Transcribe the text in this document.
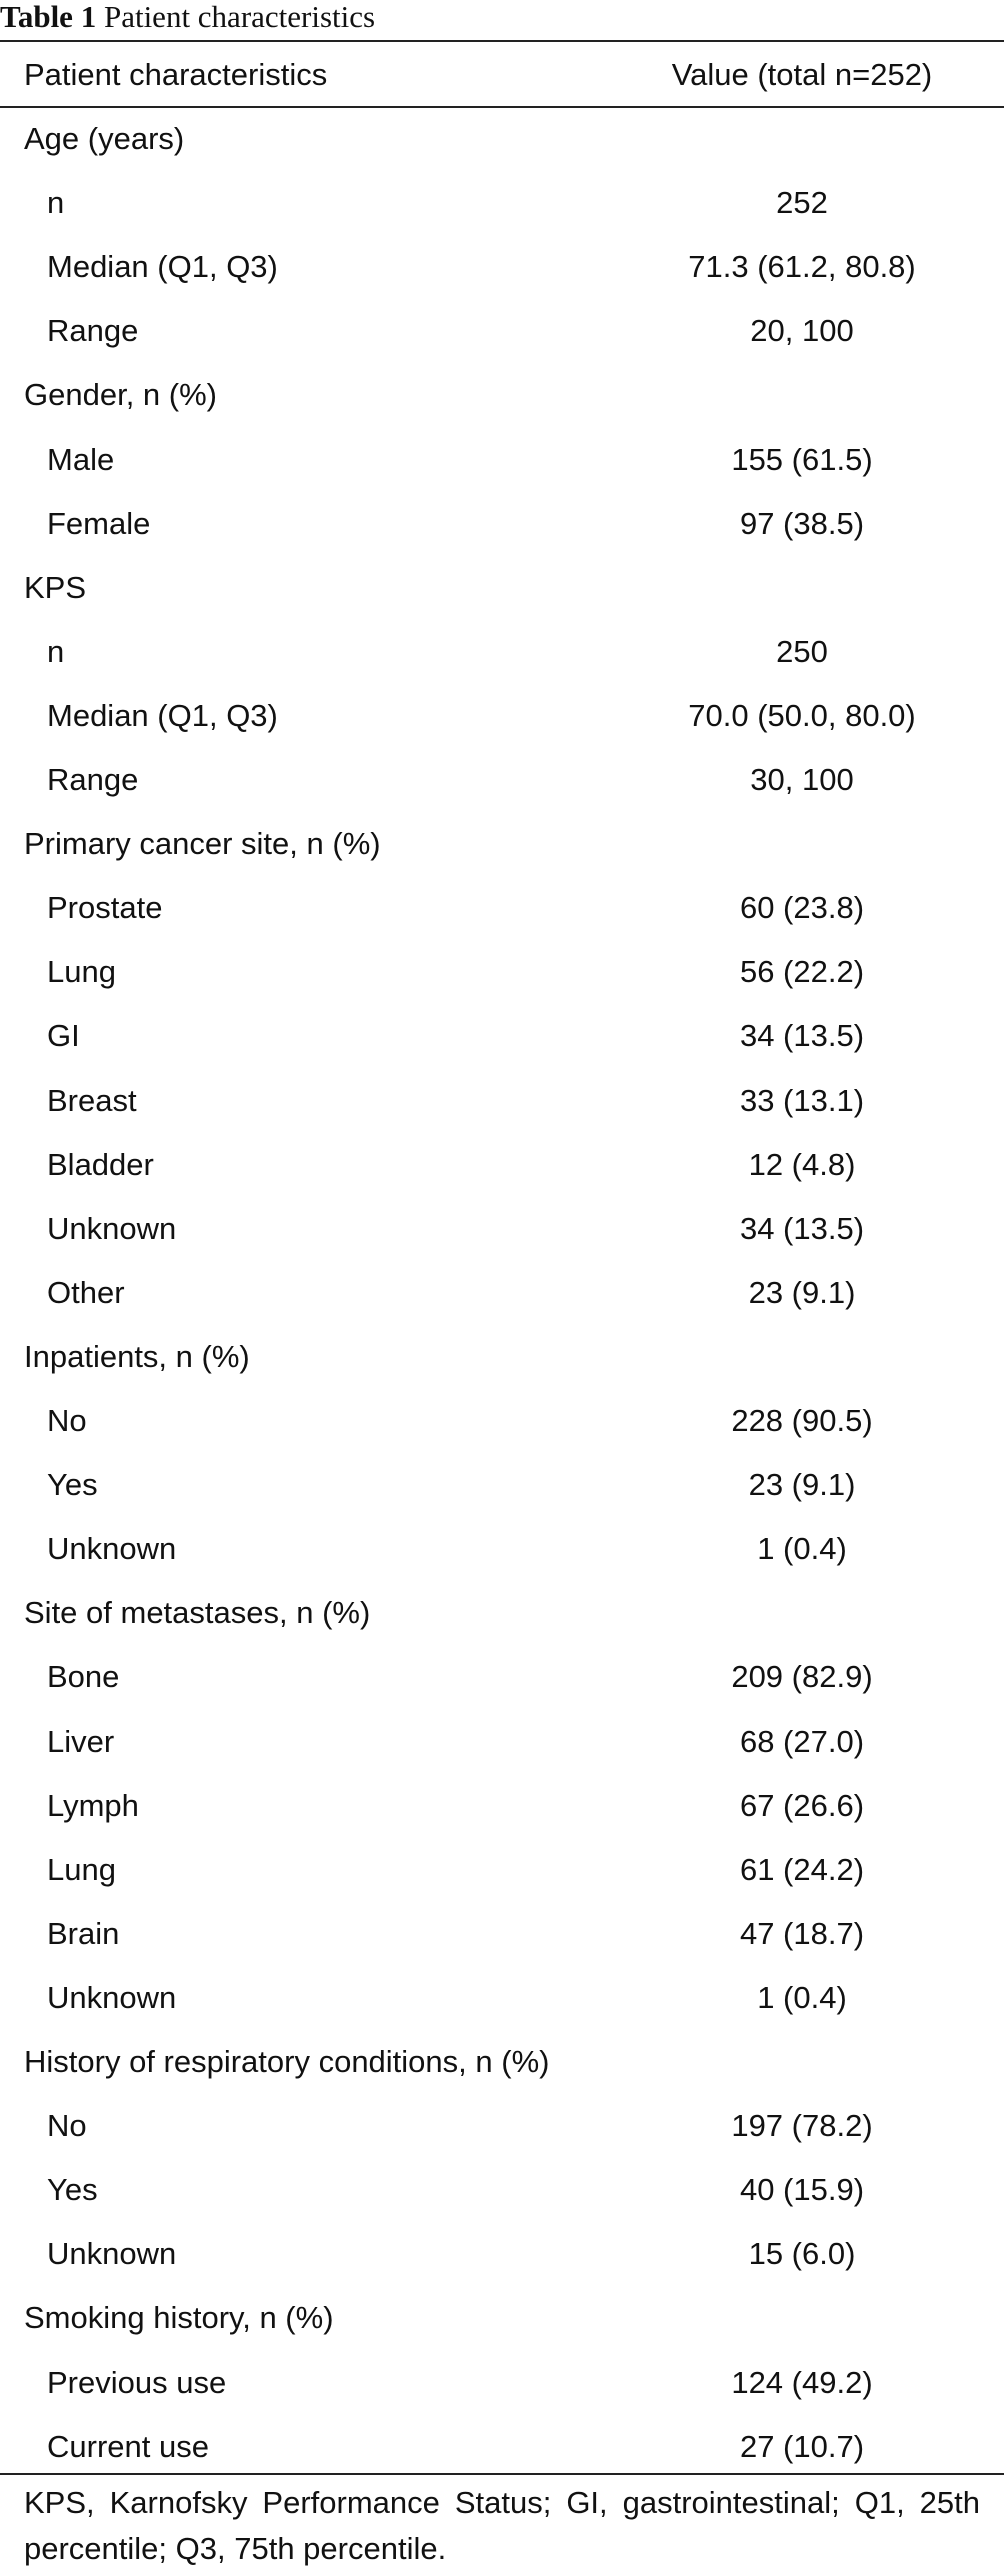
Table 1 Patient characteristics
Patient characteristics	Value (total n=252)
Age (years)
n	252
Median (Q1, Q3)	71.3 (61.2, 80.8)
Range	20, 100
Gender, n (%)
Male	155 (61.5)
Female	97 (38.5)
KPS
n	250
Median (Q1, Q3)	70.0 (50.0, 80.0)
Range	30, 100
Primary cancer site, n (%)
Prostate	60 (23.8)
Lung	56 (22.2)
GI	34 (13.5)
Breast	33 (13.1)
Bladder	12 (4.8)
Unknown	34 (13.5)
Other	23 (9.1)
Inpatients, n (%)
No	228 (90.5)
Yes	23 (9.1)
Unknown	1 (0.4)
Site of metastases, n (%)
Bone	209 (82.9)
Liver	68 (27.0)
Lymph	67 (26.6)
Lung	61 (24.2)
Brain	47 (18.7)
Unknown	1 (0.4)
History of respiratory conditions, n (%)
No	197 (78.2)
Yes	40 (15.9)
Unknown	15 (6.0)
Smoking history, n (%)
Previous use	124 (49.2)
Current use	27 (10.7)
KPS, Karnofsky Performance Status; GI, gastrointestinal; Q1, 25th percentile; Q3, 75th percentile.
